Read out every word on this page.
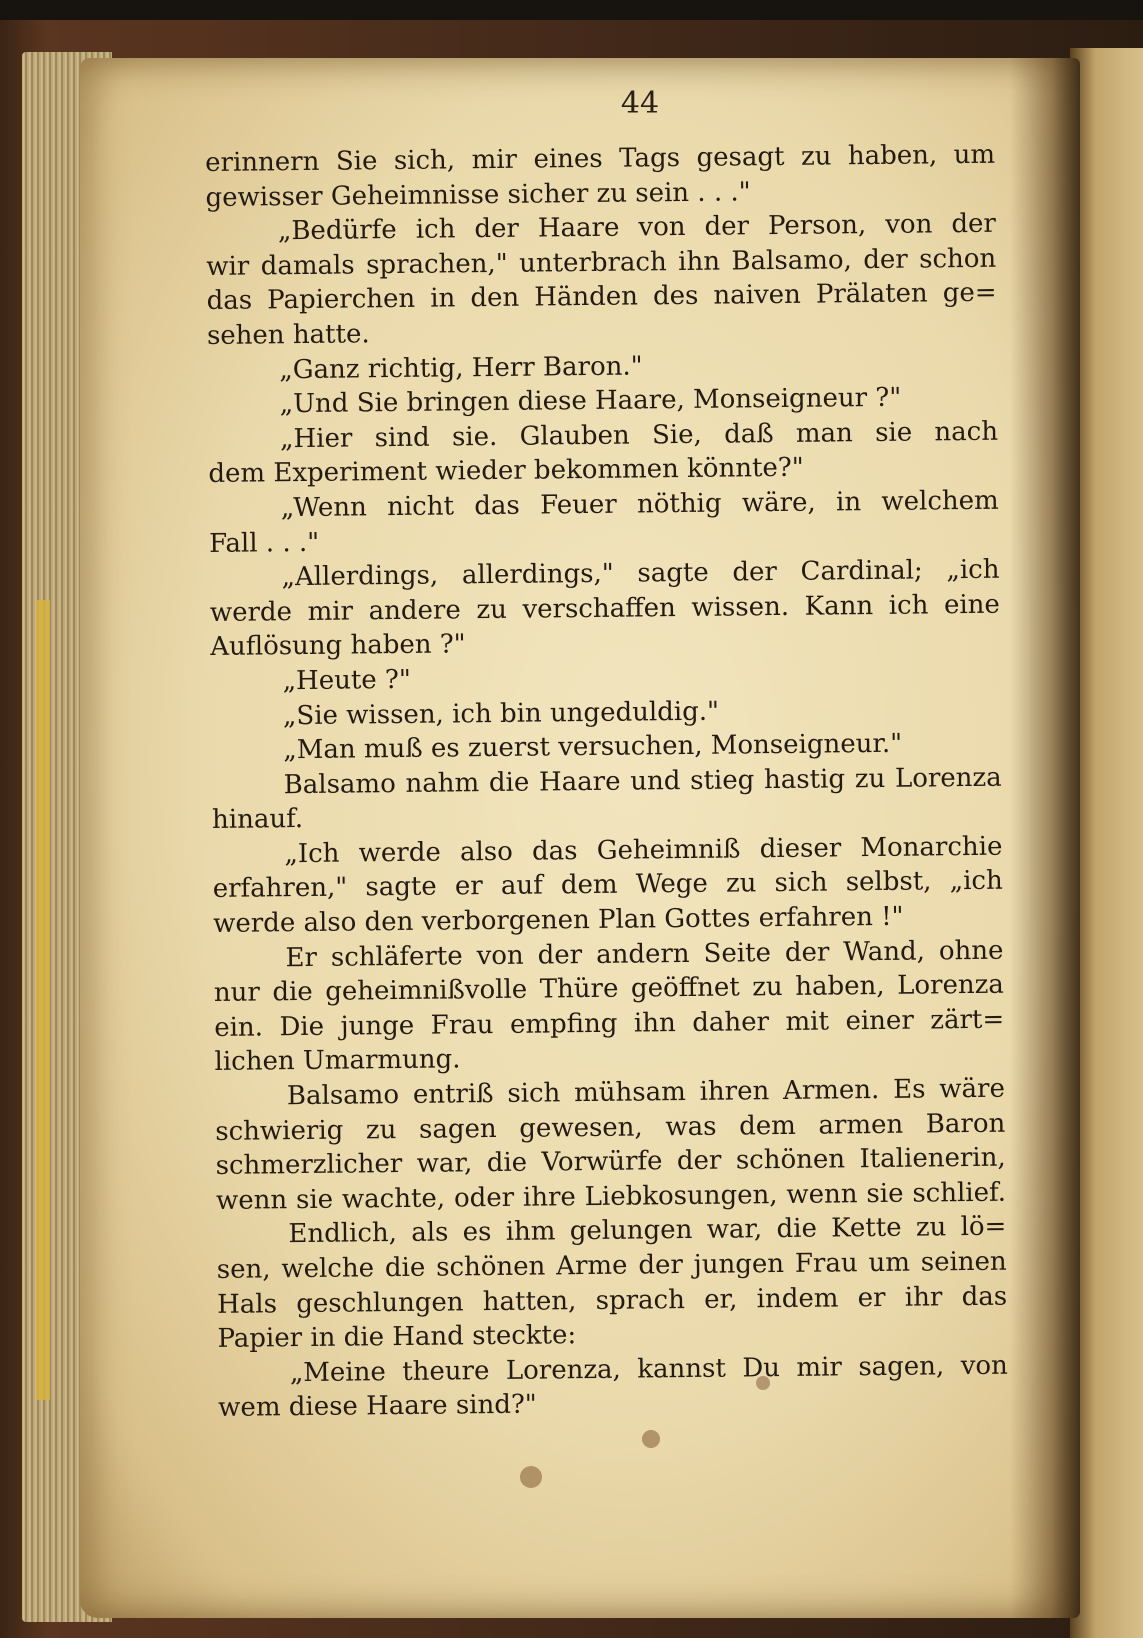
44
erinnern Sie sich, mir eines Tags gesagt zu haben, um
gewisser Geheimnisse sicher zu sein . . ."
„Bedürfe ich der Haare von der Person, von der
wir damals sprachen," unterbrach ihn Balsamo, der schon
das Papierchen in den Händen des naiven Prälaten ge=
sehen hatte.
„Ganz richtig, Herr Baron."
„Und Sie bringen diese Haare, Monseigneur ?"
„Hier sind sie. Glauben Sie, daß man sie nach
dem Experiment wieder bekommen könnte?"
„Wenn nicht das Feuer nöthig wäre, in welchem
Fall . . ."
„Allerdings, allerdings," sagte der Cardinal; „ich
werde mir andere zu verschaffen wissen. Kann ich eine
Auflösung haben ?"
„Heute ?"
„Sie wissen, ich bin ungeduldig."
„Man muß es zuerst versuchen, Monseigneur."
Balsamo nahm die Haare und stieg hastig zu Lorenza
hinauf.
„Ich werde also das Geheimniß dieser Monarchie
erfahren," sagte er auf dem Wege zu sich selbst, „ich
werde also den verborgenen Plan Gottes erfahren !"
Er schläferte von der andern Seite der Wand, ohne
nur die geheimnißvolle Thüre geöffnet zu haben, Lorenza
ein. Die junge Frau empfing ihn daher mit einer zärt=
lichen Umarmung.
Balsamo entriß sich mühsam ihren Armen. Es wäre
schwierig zu sagen gewesen, was dem armen Baron
schmerzlicher war, die Vorwürfe der schönen Italienerin,
wenn sie wachte, oder ihre Liebkosungen, wenn sie schlief.
Endlich, als es ihm gelungen war, die Kette zu lö=
sen, welche die schönen Arme der jungen Frau um seinen
Hals geschlungen hatten, sprach er, indem er ihr das
Papier in die Hand steckte:
„Meine theure Lorenza, kannst Du mir sagen, von
wem diese Haare sind?"
